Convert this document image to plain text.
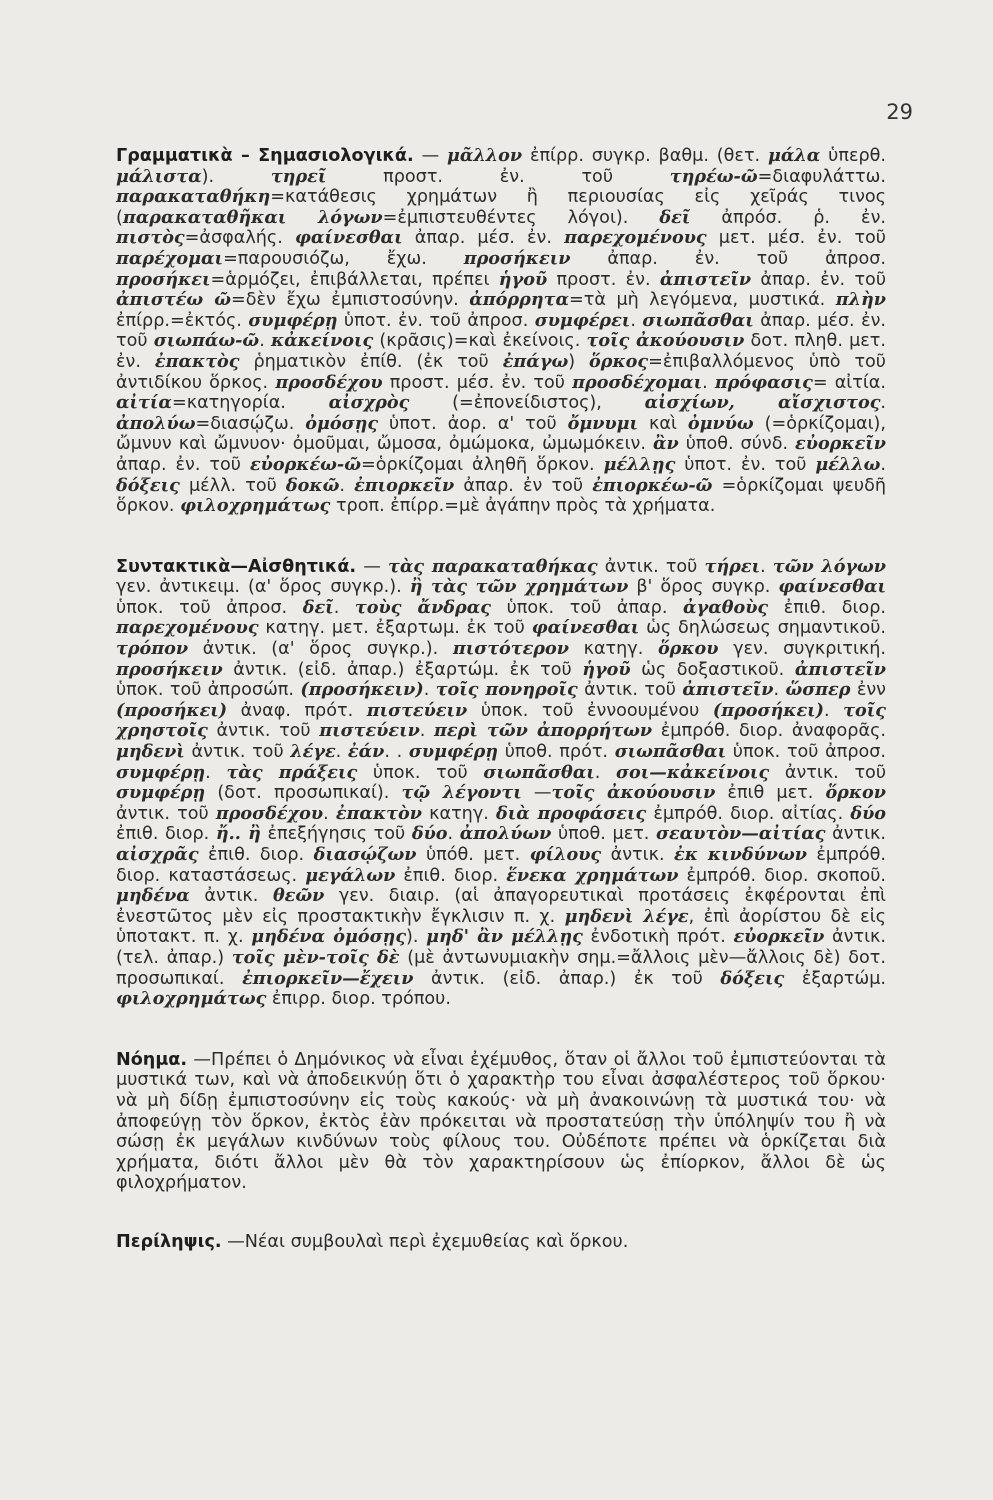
29

Γραμματικὰ – Σημασιολογικά. — μᾶλλον ἐπίρρ. συγκρ. βαθμ. (θετ. μάλα ὑπερθ. μάλιστα). τηρεῖ προστ. ἐν. τοῦ τηρέω-ῶ=διαφυλάττω. παρακαταθήκη=κατάθεσις χρημάτων ἢ περιουσίας εἰς χεῖράς τινος (παρακαταθῆκαι λόγων=ἐμπιστευθέντες λόγοι). δεῖ ἀπρόσ. ῥ. ἐν. πιστὸς=ἀσφαλής. φαίνεσθαι ἀπαρ. μέσ. ἐν. παρεχομένους μετ. μέσ. ἐν. τοῦ παρέχομαι=παρουσιόζω, ἔχω. προσήκειν ἀπαρ. ἐν. τοῦ ἀπροσ. προσήκει=ἁρμόζει, ἐπιβάλλεται, πρέπει ἡγοῦ προστ. ἐν. ἀπιστεῖν ἀπαρ. ἐν. τοῦ ἀπιστέω ῶ=δὲν ἔχω ἐμπιστοσύνην. ἀπόρρητα=τὰ μὴ λεγόμενα, μυστικά. πλὴν ἐπίρρ.=ἐκτός. συμφέρῃ ὑποτ. ἐν. τοῦ ἀπροσ. συμφέρει. σιωπᾶσθαι ἀπαρ. μέσ. ἐν. τοῦ σιωπάω-ῶ. κἀκείνοις (κρᾶσις)=καὶ ἐκείνοις. τοῖς ἀκούουσιν δοτ. πληθ. μετ. ἐν. ἐπακτὸς ῥηματικὸν ἐπίθ. (ἐκ τοῦ ἐπάγω) ὅρκος=ἐπιβαλλόμενος ὑπὸ τοῦ ἀντιδίκου ὅρκος. προσδέχου προστ. μέσ. ἐν. τοῦ προσδέχομαι. πρόφασις= αἰτία. αἰτία=κατηγορία. αἰσχρὸς (=ἐπονείδιστος), αἰσχίων, αἴσχιστος. ἀπολύω=διασῴζω. ὀμόσῃς ὑποτ. ἀορ. α' τοῦ ὄμνυμι καὶ ὀμνύω (=ὁρκίζομαι), ὤμνυν καὶ ὤμνυον· ὀμοῦμαι, ὤμοσα, ὀμώμοκα, ὠμωμόκειν. ἂν ὑποθ. σύνδ. εὐορκεῖν ἀπαρ. ἐν. τοῦ εὐορκέω-ῶ=ὁρκίζομαι ἀληθῆ ὅρκον. μέλλῃς ὑποτ. ἐν. τοῦ μέλλω. δόξεις μέλλ. τοῦ δοκῶ. ἐπιορκεῖν ἀπαρ. ἐν τοῦ ἐπιορκέω-ῶ =ὁρκίζομαι ψευδῆ ὅρκον. φιλοχρημάτως τροπ. ἐπίρρ.=μὲ ἀγάπην πρὸς τὰ χρήματα.

Συντακτικὰ—Αἰσθητικά. — τὰς παρακαταθήκας ἀντικ. τοῦ τήρει. τῶν λόγων γεν. ἀντικειμ. (α' ὅρος συγκρ.). ἢ τὰς τῶν χρημάτων β' ὅρος συγκρ. φαίνεσθαι ὑποκ. τοῦ ἀπροσ. δεῖ. τοὺς ἄνδρας ὑποκ. τοῦ ἀπαρ. ἀγαθοὺς ἐπιθ. διορ. παρεχομένους κατηγ. μετ. ἐξαρτωμ. ἐκ τοῦ φαίνεσθαι ὡς δηλώσεως σημαντικοῦ. τρόπον ἀντικ. (α' ὅρος συγκρ.). πιστότερον κατηγ. ὅρκου γεν. συγκριτική. προσήκειν ἀντικ. (εἰδ. ἀπαρ.) ἐξαρτώμ. ἐκ τοῦ ἡγοῦ ὡς δοξαστικοῦ. ἀπιστεῖν ὑποκ. τοῦ ἀπροσώπ. (προσήκειν). τοῖς πονηροῖς ἀντικ. τοῦ ἀπιστεῖν. ὥσπερ ἐνν (προσήκει) ἀναφ. πρότ. πιστεύειν ὑποκ. τοῦ ἐννοουμένου (προσήκει). τοῖς χρηστοῖς ἀντικ. τοῦ πιστεύειν. περὶ τῶν ἀπορρήτων ἐμπρόθ. διορ. ἀναφορᾶς. μηδενὶ ἀντικ. τοῦ λέγε. ἐάν. . συμφέρῃ ὑποθ. πρότ. σιωπᾶσθαι ὑποκ. τοῦ ἀπροσ. συμφέρῃ. τὰς πράξεις ὑποκ. τοῦ σιωπᾶσθαι. σοι—κἀκείνοις ἀντικ. τοῦ συμφέρῃ (δοτ. προσωπικαί). τῷ λέγοντι —τοῖς ἀκούουσιν ἐπιθ μετ. ὅρκον ἀντικ. τοῦ προσδέχου. ἐπακτὸν κατηγ. διὰ προφάσεις ἐμπρόθ. διορ. αἰτίας. δύο ἐπιθ. διορ. ἤ.. ἢ ἐπεξήγησις τοῦ δύο. ἀπολύων ὑποθ. μετ. σεαυτὸν—αἰτίας ἀντικ. αἰσχρᾶς ἐπιθ. διορ. διασῴζων ὑπόθ. μετ. φίλους ἀντικ. ἐκ κινδύνων ἐμπρόθ. διορ. καταστάσεως. μεγάλων ἐπιθ. διορ. ἕνεκα χρημάτων ἐμπρόθ. διορ. σκοποῦ. μηδένα ἀντικ. θεῶν γεν. διαιρ. (αἱ ἀπαγορευτικαὶ προτάσεις ἐκφέρονται ἐπὶ ἐνεστῶτος μὲν εἰς προστακτικὴν ἔγκλισιν π. χ. μηδενὶ λέγε, ἐπὶ ἀορίστου δὲ εἰς ὑποτακτ. π. χ. μηδένα ὀμόσῃς). μηδ' ἂν μέλλῃς ἐνδοτικὴ πρότ. εὐορκεῖν ἀντικ. (τελ. ἀπαρ.) τοῖς μὲν-τοῖς δὲ (μὲ ἀντωνυμιακὴν σημ.=ἄλλοις μὲν—ἄλλοις δὲ) δοτ. προσωπικαί. ἐπιορκεῖν—ἔχειν ἀντικ. (εἰδ. ἀπαρ.) ἐκ τοῦ δόξεις ἐξαρτώμ. φιλοχρημάτως ἐπιρρ. διορ. τρόπου.

Νόημα. —Πρέπει ὁ Δημόνικος νὰ εἶναι ἐχέμυθος, ὅταν οἱ ἄλλοι τοῦ ἐμπιστεύονται τὰ μυστικά των, καὶ νὰ ἀποδεικνύῃ ὅτι ὁ χαρακτὴρ του εἶναι ἀσφαλέστερος τοῦ ὅρκου· νὰ μὴ δίδῃ ἐμπιστοσύνην εἰς τοὺς κακούς· νὰ μὴ ἀνακοινώνῃ τὰ μυστικά του· νὰ ἀποφεύγῃ τὸν ὅρκον, ἐκτὸς ἐὰν πρόκειται νὰ προστατεύσῃ τὴν ὑπόληψίν του ἢ νὰ σώσῃ ἐκ μεγάλων κινδύνων τοὺς φίλους του. Οὐδέποτε πρέπει νὰ ὁρκίζεται διὰ χρήματα, διότι ἄλλοι μὲν θὰ τὸν χαρακτηρίσουν ὡς ἐπίορκον, ἄλλοι δὲ ὡς φιλοχρήματον.

Περίληψις. —Νέαι συμβουλαὶ περὶ ἐχεμυθείας καὶ ὅρκου.
